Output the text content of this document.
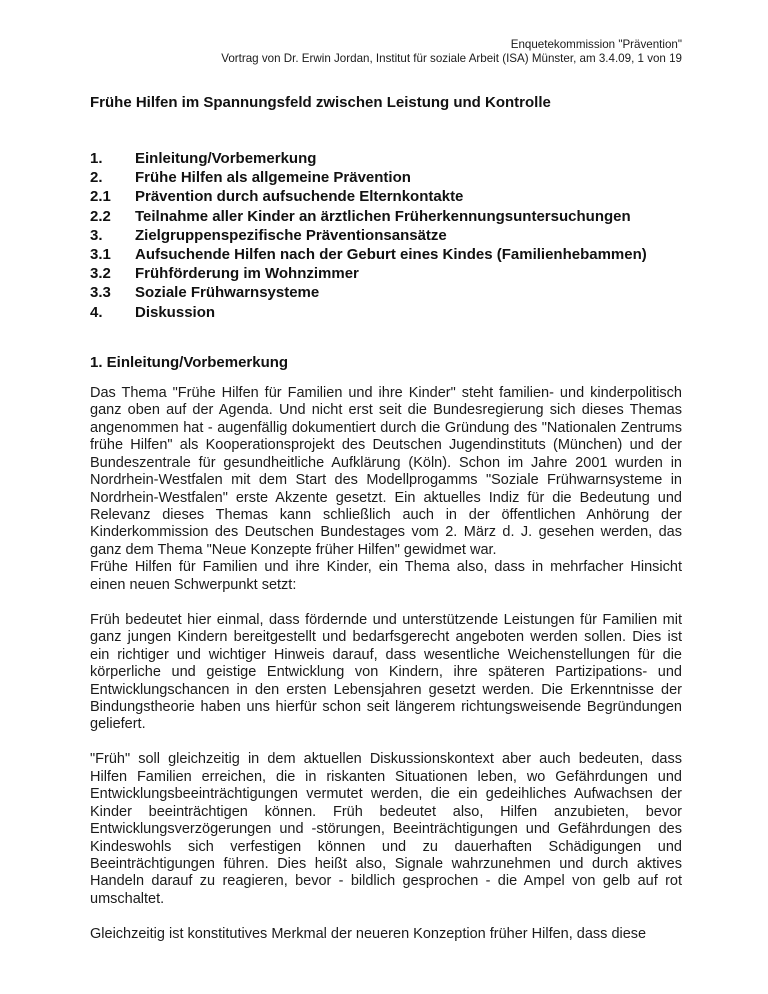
Enquetekommission "Prävention"
Vortrag von Dr. Erwin Jordan, Institut für soziale Arbeit (ISA) Münster, am 3.4.09, 1 von 19
Frühe Hilfen im Spannungsfeld zwischen Leistung und Kontrolle
1.	Einleitung/Vorbemerkung
2.	Frühe Hilfen als allgemeine Prävention
2.1	Prävention durch aufsuchende Elternkontakte
2.2	Teilnahme aller Kinder an ärztlichen Früherkennungsuntersuchungen
3.	Zielgruppenspezifische Präventionsansätze
3.1	Aufsuchende Hilfen nach der Geburt eines Kindes (Familienhebammen)
3.2	Frühförderung im Wohnzimmer
3.3	Soziale Frühwarnsysteme
4.	Diskussion
1. Einleitung/Vorbemerkung

Das Thema "Frühe Hilfen für Familien und ihre Kinder" steht familien- und kinderpolitisch ganz oben auf der Agenda. Und nicht erst seit die Bundesregierung sich dieses Themas angenommen hat - augenfällig dokumentiert durch die Gründung des "Nationalen Zentrums frühe Hilfen" als Kooperationsprojekt des Deutschen Jugendinstituts (München) und der Bundeszentrale für gesundheitliche Aufklärung (Köln). Schon im Jahre 2001 wurden in Nordrhein-Westfalen mit dem Start des Modellprogamms "Soziale Frühwarnsysteme in Nordrhein-Westfalen" erste Akzente gesetzt. Ein aktuelles Indiz für die Bedeutung und Relevanz dieses Themas kann schließlich auch in der öffentlichen Anhörung der Kinderkommission des Deutschen Bundestages vom 2. März d. J. gesehen werden, das ganz dem Thema "Neue Konzepte früher Hilfen" gewidmet war.

Frühe Hilfen für Familien und ihre Kinder, ein Thema also, dass in mehrfacher Hinsicht einen neuen Schwerpunkt setzt:

Früh bedeutet hier einmal, dass fördernde und unterstützende Leistungen für Familien mit ganz jungen Kindern bereitgestellt und bedarfsgerecht angeboten werden sollen. Dies ist ein richtiger und wichtiger Hinweis darauf, dass wesentliche Weichenstellungen für die körperliche und geistige Entwicklung von Kindern, ihre späteren Partizipations- und Entwicklungschancen in den ersten Lebensjahren gesetzt werden. Die Erkenntnisse der Bindungstheorie haben uns hierfür schon seit längerem richtungsweisende Begründungen geliefert.

"Früh" soll gleichzeitig in dem aktuellen Diskussionskontext aber auch bedeuten, dass Hilfen Familien erreichen, die in riskanten Situationen leben, wo Gefährdungen und Entwicklungsbeeinträchtigungen vermutet werden, die ein gedeihliches Aufwachsen der Kinder beeinträchtigen können. Früh bedeutet also, Hilfen anzubieten, bevor Entwicklungsverzögerungen und -störungen, Beeinträchtigungen und Gefährdungen des Kindeswohls sich verfestigen können und zu dauerhaften Schädigungen und Beeinträchtigungen führen. Dies heißt also, Signale wahrzunehmen und durch aktives Handeln darauf zu reagieren, bevor - bildlich gesprochen - die Ampel von gelb auf rot umschaltet.

Gleichzeitig ist konstitutives Merkmal der neueren Konzeption früher Hilfen, dass diese
